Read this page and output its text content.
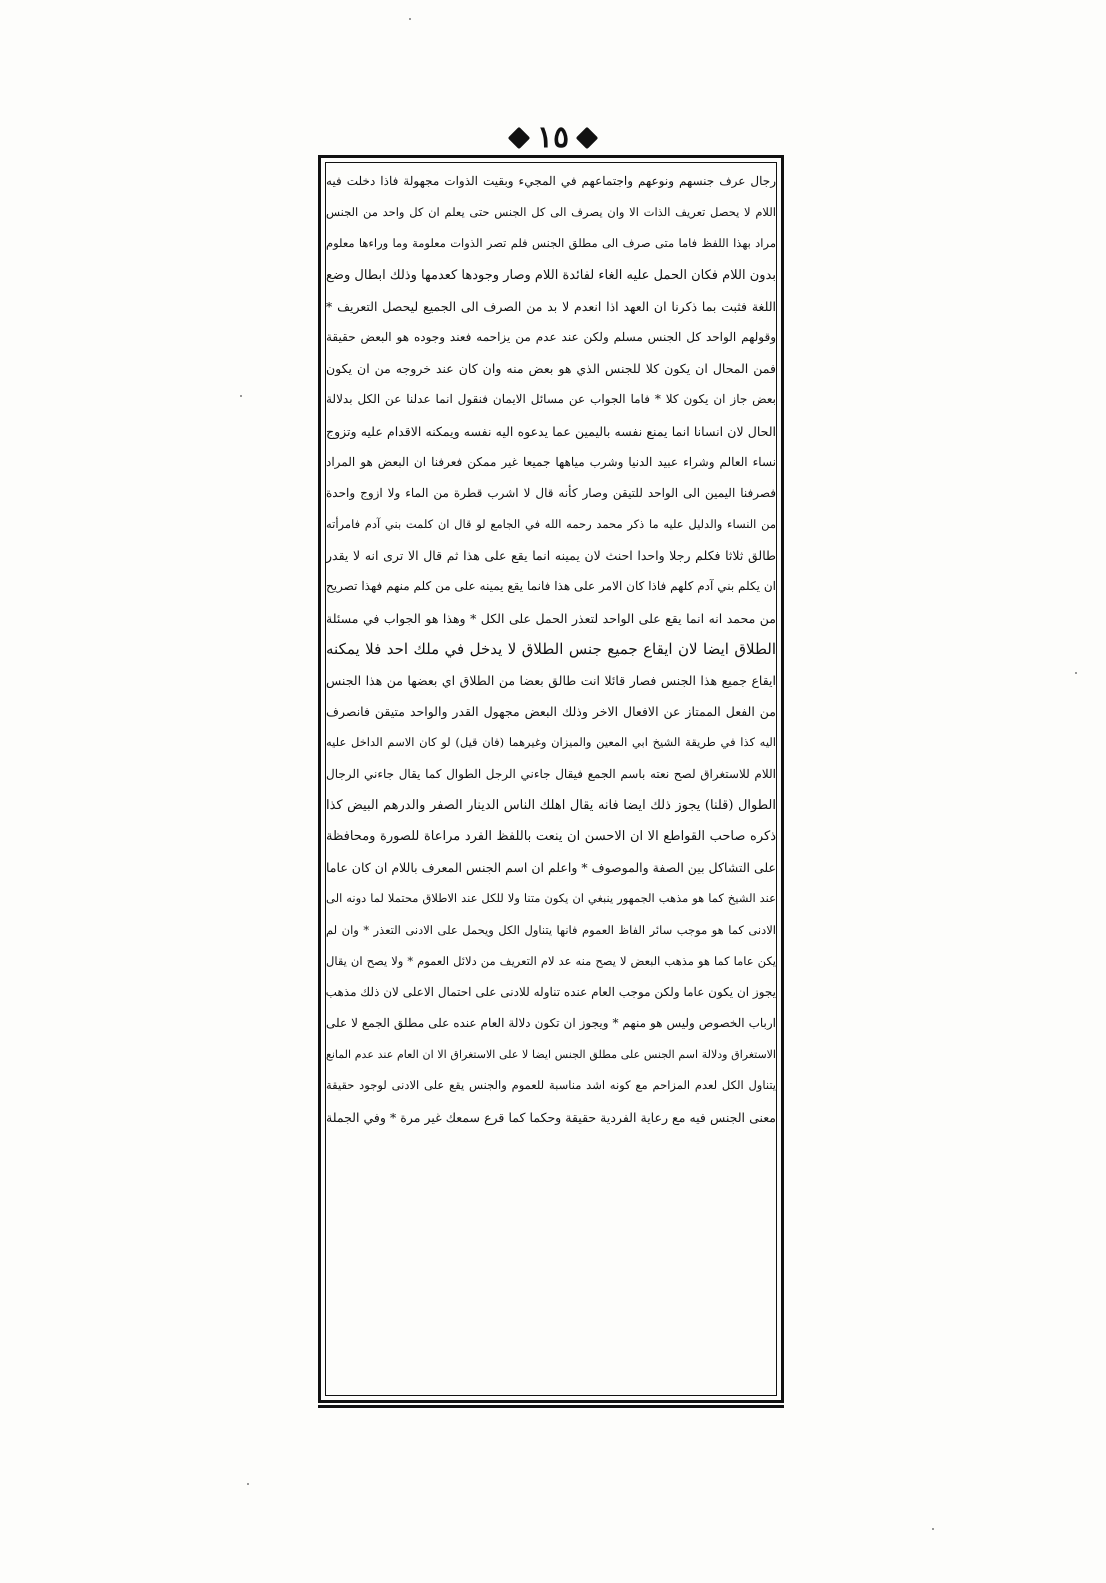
١٥
رجال عرف جنسهم ونوعهم واجتماعهم في المجيء وبقيت الذوات مجهولة فاذا دخلت فيه
اللام لا يحصل تعريف الذات الا وان يصرف الى كل الجنس حتى يعلم ان كل واحد من الجنس
مراد بهذا اللفظ فاما متى صرف الى مطلق الجنس فلم تصر الذوات معلومة وما وراءها معلوم
بدون اللام فكان الحمل عليه الغاء لفائدة اللام وصار وجودها كعدمها وذلك ابطال وضع
اللغة فثبت بما ذكرنا ان العهد اذا انعدم لا بد من الصرف الى الجميع ليحصل التعريف *
وقولهم الواحد كل الجنس مسلم ولكن عند عدم من يزاحمه فعند وجوده هو البعض حقيقة
فمن المحال ان يكون كلا للجنس الذي هو بعض منه وان كان عند خروجه من ان يكون
بعض جاز ان يكون كلا * فاما الجواب عن مسائل الايمان فنقول انما عدلنا عن الكل بدلالة
الحال لان انسانا انما يمنع نفسه باليمين عما يدعوه اليه نفسه ويمكنه الاقدام عليه وتزوج
نساء العالم وشراء عبيد الدنيا وشرب مياهها جميعا غير ممكن فعرفنا ان البعض هو المراد
فصرفنا اليمين الى الواحد للتيقن وصار كأنه قال لا اشرب قطرة من الماء ولا ازوج واحدة
من النساء والدليل عليه ما ذكر محمد رحمه الله في الجامع لو قال ان كلمت بني آدم فامرأته
طالق ثلاثا فكلم رجلا واحدا احنث لان يمينه انما يقع على هذا ثم قال الا ترى انه لا يقدر
ان يكلم بني آدم كلهم فاذا كان الامر على هذا فانما يقع يمينه على من كلم منهم فهذا تصريح
من محمد انه انما يقع على الواحد لتعذر الحمل على الكل * وهذا هو الجواب في مسئلة
الطلاق ايضا لان ايقاع جميع جنس الطلاق لا يدخل في ملك احد فلا يمكنه
ايقاع جميع هذا الجنس فصار قائلا انت طالق بعضا من الطلاق اي بعضها من هذا الجنس
من الفعل الممتاز عن الافعال الاخر وذلك البعض مجهول القدر والواحد متيقن فانصرف
اليه كذا في طريقة الشيخ ابي المعين والميزان وغيرهما (فان قيل) لو كان الاسم الداخل عليه
اللام للاستغراق لصح نعته باسم الجمع فيقال جاءني الرجل الطوال كما يقال جاءني الرجال
الطوال (قلنا) يجوز ذلك ايضا فانه يقال اهلك الناس الدينار الصفر والدرهم البيض كذا
ذكره صاحب القواطع الا ان الاحسن ان ينعت باللفظ الفرد مراعاة للصورة ومحافظة
على التشاكل بين الصفة والموصوف * واعلم ان اسم الجنس المعرف باللام ان كان عاما
عند الشيخ كما هو مذهب الجمهور ينبغي ان يكون متنا ولا للكل عند الاطلاق محتملا لما دونه الى
الادنى كما هو موجب سائر الفاظ العموم فانها يتناول الكل ويحمل على الادنى التعذر * وان لم
يكن عاما كما هو مذهب البعض لا يصح منه عد لام التعريف من دلائل العموم * ولا يصح ان يقال
يجوز ان يكون عاما ولكن موجب العام عنده تناوله للادنى على احتمال الاعلى لان ذلك مذهب
ارباب الخصوص وليس هو منهم * ويجوز ان تكون دلالة العام عنده على مطلق الجمع لا على
الاستغراق ودلالة اسم الجنس على مطلق الجنس ايضا لا على الاستغراق الا ان العام عند عدم المانع
يتناول الكل لعدم المزاحم مع كونه اشد مناسبة للعموم والجنس يقع على الادنى لوجود حقيقة
معنى الجنس فيه مع رعاية الفردية حقيقة وحكما كما قرع سمعك غير مرة * وفي الجملة
